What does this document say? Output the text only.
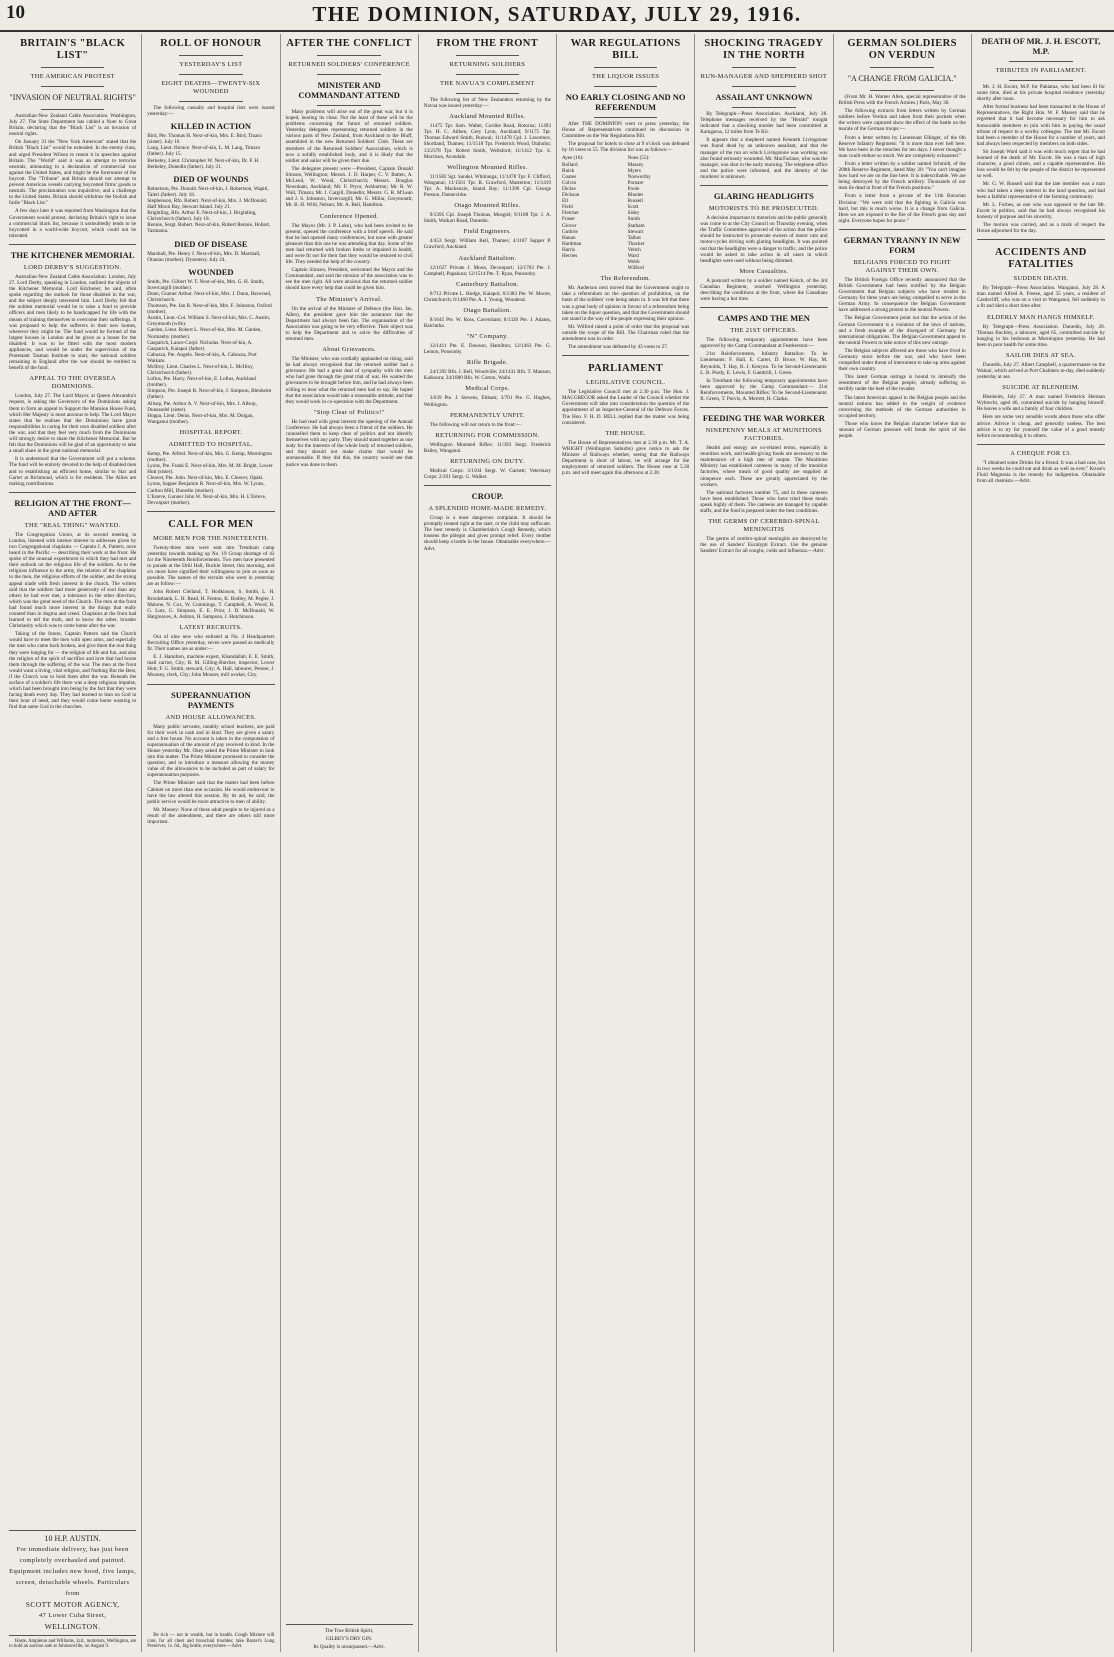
10	THE DOMINION, SATURDAY, JULY 29, 1916.
BRITAIN'S "BLACK LIST"
THE AMERICAN PROTEST
"INVASION OF NEUTRAL RIGHTS"
Australian-New Zealand Cable Association. Washington, July 27. The State Department has cabled a Note to Great Britain, declaring that the "Black List" is an invasion of neutral rights.
On January 31 the "New York American" stated that the British "Black List" would be extended. In the enemy class, and urged President Wilson to resent it in speeches against Britain. The "World" said it was an attempt to terrorise neutrals, amounting to a declaration of commercial war against the United States, and might be the forerunner of the boycott. The "Tribune" and Britain should not attempt to prevent American vessels carrying boycotted firms' goods to neutrals. The proclamation was inquisitive, and a challenge to the United States. Britain should withdraw the foolish and futile "Black List."
A few days later it was reported from Washington that the Government would protest, declaring Britain's right to issue a commercial black list, because it undoubtedly tends to be boycotted in a world-wide boycott, which could not be tolerated.
THE KITCHENER MEMORIAL
LORD DERBY'S SUGGESTION.
Australian-New Zealand Cable Association. London, July 27. Lord Derby, speaking in London, outlined the objects of the Kitchener Memorial. Lord Kitchener, he said, often spoke regarding the outlook for those disabled in the war, and the subject deeply interested him. Lord Derby felt that the noblest memorial would be to raise a fund to provide officers and men likely to be handicapped for life with the means of training themselves to overcome their sufferings. It was proposed to help the sufferers in their new homes, wherever they might be. The fund would be formed of the largest houses in London and be given as a house for the disabled. It was to be fitted with the most modern appliances, and would be under the supervision of the Protestant Tasman Institute to start, the national soldiers remaining in England after the war should be entitled to benefit of the fund.
APPEAL TO THE OVERSEA DOMINIONS.
London, July 27. The Lord Mayor, at Queen Alexandra's request, is asking the Governors of the Dominions asking them to form an appeal to Support the Mansion House Fund, which Her Majesty is most anxious to help. The Lord Mayor states that he realises that the Dominions have great responsibilities in caring for their own disabled soldiers after the war, and that they feel very much from the Dominions will strongly desire to share the Kitchener Memorial. But he felt that the Dominions will be glad of an opportunity to take a small share in the great national memorial.
It is understood that the Government will put a scheme. The fund will be entirely devoted to the help of disabled men and to establishing an efficient home, similar to Star and Garter at Richmond, which is for residents. The Allies are making contributions.
RELIGION AT THE FRONT—AND AFTER
THE "REAL THING" WANTED.
The Congregation Union, at its second meeting in London, listened with intense interest to addresses given by two Congregational chaplains — Captain J. A. Pattern, once heard in the Pacific — describing their work at the front. He spoke of the unusual experiences in which they had met and their outlook on the religious life of the soldiers. As to the religious influence in the army, the relation of the chaplains to the men, the religious efforts of the soldier, and the strong appeal made with fresh interest in the church. The writers said that the soldiers had more generosity of soul than any others he had ever met, a tolerance in the other direction, which was the great need of the Church. The men at the front had found much more interest in the things that really counted than in dogma and creed. Chaplains at the front had learned to tell the truth, and to know the sober, broader Christianity which was to come home after the war.
Taking of the future, Captain Pattern said the Church would have to meet the men with open arms, and especially the men who came back broken, and give them the real thing they were longing for — the religion of life and fun, and also the religion of the spirit of sacrifice and love that had borne them through the suffering of the war. The men at the front would want a living, vital religion, and Nothing But the Best, if the Church was to hold them after the war. Beneath the surface of a soldier's life there was a deep religious impulse, which had been brought into being by the fact that they were facing death every day. They had learned to lean on God in their hour of need, and they would come home wanting to find that same God in the churches.
10 H.P. AUSTIN.
For immediate delivery, has just been completely overhauled and painted.
Equipment includes new hood, five lamps, screen, detachable wheels. Particulars from
SCOTT MOTOR AGENCY,
47 Lower Cuba Street,
WELLINGTON.
Haste, Ampleton and Williams, Ltd., motorists, Wellington, are to hold an auction sale at Johnsonville, on August 9.
ROLL OF HONOUR
YESTERDAY'S LIST
EIGHT DEATHS—TWENTY-SIX WOUNDED
The following casualty and hospital lists were issued yesterday:—
KILLED IN ACTION
Bird, Pte. Thomas H. Next-of-kin, Mrs. E. Bird, Tinaru (sister). July 16.
Lang, Lieut. Horace. Next-of-kin, L. M. Lang, Timaru (father). July 15.
Berkeley, Lieut. Christopher W. Next-of-kin, Dr. F. H. Berkeley, Dunedin (father). July 21.
DIED OF WOUNDS
Robertson, Pte. Donald. Next-of-kin, J. Robertson, Wapiti, Taieri (father). July 18.
Stephenson, Rfn. Robert. Next-of-kin, Mrs. J. McDonald, Half Moon Bay, Stewart Island. July 21.
Brightling, Rfn. Arthur E. Next-of-kin, J. Brightling, Christchurch (father). July 18.
Rennie, Sergt. Robert. Next-of-kin, Robert Rennie, Hobart, Tasmania.
DIED OF DISEASE
Marshall, Pte. Henry J. Next-of-kin, Mrs. D. Marshall, Otautau (mother). Dysentery. July 24.
WOUNDED
Smith, Pte. Gilbert W. T. Next-of-kin, Mrs. G. H. Smith, Invercargill (mother).
Dunn, Gunner Arthur. Next-of-kin, Mrs. J. Dunn, Barwood, Christchurch.
Thomson, Pte. Ian R. Next-of-kin, Mrs. F. Johnston, Oxford (mother).
Austin, Lieut.-Col. William S. Next-of-kin, Mrs. C. Austin, Greymouth (wife).
Garden, Lieut. Robert L. Next-of-kin, Mrs. M. Garden, Normanby (mother).
Gasparich, Lance-Corpl. Nicholas. Next-of-kin, A. Gasparich, Kaiapoi (father).
Cabuzza, Pte. Angelo. Next-of-kin, A. Cabuzza, Port Waikato.
McIlroy, Lieut. Charles L. Next-of-kin, L. McIlroy, Christchurch (father).
Loftus, Pte. Harry. Next-of-kin, E. Loftus, Auckland (brother).
Simpson, Pte. Joseph R. Next-of-kin, J. Simpson, Blenheim (father).
Allsop, Pte. Arthur A. V. Next-of-kin, Mrs. J. Allsop, Dunsandel (sister).
Hoppa, Lieut. Denis. Next-of-kin, Mrs. M. Duigan, Wanganui (mother).
HOSPITAL REPORT.
ADMITTED TO HOSPITAL.
Kemp, Pte. Alfred. Next-of-kin, Mrs. G. Kemp, Mornington (mother).
Lyons, Pte. Frank E. Next-of-kin, Mrs. M. M. Bright, Lower Hutt (sister).
Cleaver, Pte. John. Next-of-kin, Mrs. E. Cleaver, Opaki.
Lyons, Sapper Benjamin R. Next-of-kin, Mrs. W. Lyons, Carlton Mill, Dunedin (mother).
L'Esteve, Gunner John W. Next-of-kin, Mrs. H. L'Esteve, Devonport (mother).
CALL FOR MEN
MORE MEN FOR THE NINETEENTH.
Twenty-three men were sent into Trentham camp yesterday towards making up No. 19 Group shortage of 42 for the Nineteenth Reinforcements. Two men have presented to parade at the Drill Hall, Buckle Street, this morning, and six more have signified their willingness to join as soon as possible. The names of the recruits who went in yesterday are as follow:—
John Robert Clelland, T. Hodkinson, S. Smith, L. H. Brooksbank, L. H. Read, H. Fenton, K. Bodley, M. Pegler, J. Malone, N. Cox, W. Cummings, T. Campbell, A. Wood, R. G. Lutz, G. Simpson, E. E. Prior, J. D. McDonald, W. Hargreaves, A. Ashton, H. Sampson, J. Hutchinson.
LATEST RECRUITS.
Out of nine new who enlisted at No. 4 Headquarters Recruiting Office yesterday, seven were passed as medically fit. Their names are as under:—
E. J. Hamilton, machine expert, Khandallah; E. E. Smith, mail carrier, City; R. M. Gilling-Butcher, inspector, Lower Hutt; F. G. Smith, steward, City; A. Hall, labourer, Petone; J. Mooney, clerk, City; John Mouser, mill worker, City.
SUPERANNUATION PAYMENTS
AND HOUSE ALLOWANCES.
Many public servants, notably school teachers, are paid for their work in cash and in kind. They are given a salary and a free house. No account is taken in the computation of superannuation of the amount of pay received in kind. In the House yesterday Mr. Okey asked the Prime Minister to look into this matter. The Prime Minister promised to consider the question, and to introduce a measure allowing the money value of the allowances to be included as part of salary for superannuation purposes.
The Prime Minister said that the matter had been before Cabinet on more than one occasion. He would endeavour to have the law altered this session. By its aid, he said, the public service would be more attractive to men of ability.
Mr. Massey: None of these adult people to be injured as a result of the amendment, and there are others still more important.
Be rich — not in wealth, but in health. Cough Mixture will cure, for all chest and bronchial troubles; take Baxter's Lung Preserver, 1s. 6d., big bottle, everywhere.—Advt.
AFTER THE CONFLICT
RETURNED SOLDIERS' CONFERENCE
MINISTER AND COMMANDANT ATTEND
Many problems will arise out of the great war, but it is hoped, hearing its close. Not the least of these will be the problems concerning the future of returned soldiers. Yesterday delegates representing returned soldiers in the various parts of New Zealand, from Auckland to the Bluff, assembled in the new Returned Soldiers' Club. These are members of the Returned Soldiers' Association, which is now a solidly established body, and it is likely that the soldier and sailor will be given their due.
The delegates present were:—President, Captain Donald Simson, Wellington; Messrs. J. D. Harper, C. V. Batten, A. McLeod, W. Wood, Christchurch; Messrs. Douglas Newnham, Auckland; Mr. F. Pryor, Ashburton; Mr. R. W. Wall, Timaru; Mr. J. Cargill, Dunedin; Messrs. G. R. M'Lean and J. S. Johnston, Invercargill; Mr. G. Millar, Greymouth; Mr. B. H. Wild, Nelson; Mr. A. Bell, Hamilton.
Conference Opened.
The Mayor (Mr. J. P. Luke), who had been invited to be present, opened the conference with a brief speech. He said that he had opened many conferences, but none with greater pleasure than this one he was attending that day. Some of the men had returned with broken limbs or impaired in health, and were fit not for their fast they would be restored to civil life. They needed the help of the country.
Captain Simson, President, welcomed the Mayor and the Commandant, and said the mission of the association was to see the men right. All were anxious that the returned soldier should have every help that could be given him.
The Minister's Arrival.
On the arrival of the Minister of Defence (the Hon. Jas. Allen), the president gave him the assurance that the Department had always been fair. The organisation of the Association was going to be very effective. Their object was to help the Department and to solve the difficulties of returned men.
About Grievances.
The Minister, who was cordially applauded on rising, said he had always recognised that the returned soldier had a grievance. He had a great deal of sympathy with the men who had gone through the great trial of war. He wanted the grievances to be brought before him, and he had always been willing to hear what the returned men had to say. He hoped that the association would take a reasonable attitude, and that they would work in co-operation with the Department.
"Stop Clear of Politics!"
He had read with great interest the opening of the Annual Conference. He had always been a friend of the soldiers. He counselled them to keep clear of politics and not identify themselves with any party. They should stand together as one body for the interests of the whole body of returned soldiers, and they should not make claims that would be unreasonable. If they did this, the country would see that justice was done to them.
The True British Spirit,
GILBEY'S DRY GIN.
Its Quality is unsurpassed.—Advt.
FROM THE FRONT
RETURNING SOLDIERS
THE NAVUA'S COMPLEMENT
The following list of New Zealanders returning by the Navua was issued yesterday:—
Auckland Mounted Rifles.
11475 Tpr. Sam. Walter, Cordite Road, Rotorua; 11493 Tpr. H. C. Aitken, Grey Lynn, Auckland; 9/1175 Tpr. Thomas Edward Smith, Ruawai; 11/1478 Cpl. J. Lawrence, Shortland, Thames; 11/1518 Tpr. Frederick Wood, Otahuhu; 13/2378 Tpr. Robert Smith, Wellsford; 11/1412 Tpr. S. Morrison, Avondale.
Wellington Mounted Rifles.
11/1582 Sgt. Sandel, Whitianga; 11/1478 Tpr. F. Clifford, Wanganui; 11/1561 Tpr. R. Crawford, Masterton; 11/1419 Tpr. A. Mackenzie, Island Bay; 11/1396 Cpl. George Preston, Dannevirke.
Otago Mounted Rifles.
9/1395 Cpl. Joseph Thomas, Mosgiel; 9/1188 Tpr. J. A. Smith, Waikari Road, Dunedin.
Field Engineers.
4/453 Sergt. William Bell, Thames; 4/1187 Sapper P. Crawford, Auckland.
Auckland Battalion.
12/1627 Private J. Moon, Devonport; 12/1703 Pte. J. Campbell, Papakura; 12/1514 Pte. T. Ryan, Ponsonby.
Canterbury Battalion.
6/712 Private L. Hodge, Kaiapoi; 6/1383 Pte. W. Moore, Christchurch; 6/1460 Pte. A. J. Young, Woodend.
Otago Battalion.
8/1645 Pte. W. Ross, Caversham; 8/1320 Pte. J. Adams, Balclutha.
"N" Company.
12/1411 Pte. E. Dawson, Hamilton; 12/1463 Pte. G. Lemon, Ponsonby.
Rifle Brigade.
24/1392 Rfn. J. Bell, Woodville; 24/1431 Rfn. T. Manson, Kaikoura; 24/1880 Rfn. W. Cotton, Waihi.
Medical Corps.
3/639 Pte. J. Stevens, Eltham; 3/701 Pte. G. Hughes, Wellington.
PERMANENTLY UNFIT.
The following will not return to the front:—
RETURNING FOR COMMISSION.
Wellington Mounted Rifles: 11/393 Sergt. Frederick Bailey, Wanganui.
RETURNING ON DUTY.
Medical Corps: 3/1104 Sergt. W. Garnett; Veterinary Corps: 2/391 Sergt. G. Walker.
CROUP.
A SPLENDID HOME-MADE REMEDY.
Croup is a most dangerous complaint. It should be promptly treated right at the start, or the child may suffocate. The best remedy is Chamberlain's Cough Remedy, which loosens the phlegm and gives prompt relief. Every mother should keep a bottle in the house. Obtainable everywhere.—Advt.
WAR REGULATIONS BILL
THE LIQUOR ISSUES
NO EARLY CLOSING AND NO REFERENDUM
After THE DOMINION went to press yesterday, the House of Representatives continued its discussion in Committee on the War Regulations Bill.
The proposal for hotels to close at 9 o'clock was defeated by 16 votes to 55. The division list was as follows:—
Ayes (16):
Bollard
Buick
Coates
Colvin
Dickie
Dickson
Ell
Field
Fletcher
Fraser
Glover
Guthrie
Hanan
Hardman
Harris
Herries
Noes (55):
Massey
Myers
Nosworthy
Pomare
Poole
Rhodes
Russell
Scott
Sidey
Smith
Statham
Stewart
Talbot
Thacker
Veitch
Ward
Webb
Wilford
The Referendum.
Mr. Anderson next moved that the Government ought to take a referendum on the question of prohibition, on the basis of the soldiers' vote being taken in. It was felt that there was a great body of opinion in favour of a referendum being taken on the liquor question, and that the Government should not stand in the way of the people expressing their opinion.
Mr. Wilford raised a point of order that the proposal was outside the scope of the Bill. The Chairman ruled that the amendment was in order.
The amendment was defeated by 43 votes to 27.
PARLIAMENT
LEGISLATIVE COUNCIL.
The Legislative Council met at 2.30 p.m. The Hon. J. MACGREGOR asked the Leader of the Council whether the Government will take into consideration the question of the appointment of an Inspector-General of the Defence Forces. The Hon. F. H. D. BELL replied that the matter was being considered.
THE HOUSE.
The House of Representatives met at 2.30 p.m. Mr. T. A. WRIGHT (Wellington Suburbs) gave notice to ask the Minister of Railways whether, seeing that the Railways Department is short of labour, he will arrange for the employment of returned soldiers. The House rose at 5.30 p.m. and will meet again this afternoon at 2.30.
SHOCKING TRAGEDY IN THE NORTH
RUN-MANAGER AND SHEPHERD SHOT
ASSAILANT UNKNOWN
By Telegraph—Press Association. Auckland, July 28. Telephone messages received by the "Herald" tonight indicated that a shocking murder had been committed at Kaingaroa, 12 miles from Te Kii.
It appears that a shepherd named Kenneth Livingstone was found dead by an unknown assailant, and that the manager of the run on which Livingstone was working was also found seriously wounded. Mr. MacFarlane, who was the manager, was shot in the early morning. The telephone office and the police were informed, and the identity of the murderer is unknown.
GLARING HEADLIGHTS
MOTORISTS TO BE PROSECUTED.
A decision important to motorists and the public generally was come to at the City Council on Thursday evening, when the Traffic Committee approved of the action that the police should be instructed to prosecute owners of motor cars and motor-cycles driving with glaring headlights. It was pointed out that the headlights were a danger to traffic, and the police would be asked to take action in all cases in which headlights were used without being dimmed.
More Casualties.
A postcard written by a soldier named Keitch, of the 3rd Canadian Regiment, reached Wellington yesterday, describing the conditions at the front, where the Canadians were having a hot time.
CAMPS AND THE MEN
THE 21ST OFFICERS.
The following temporary appointments have been approved by the Camp Commandant at Featherston:—
21st Reinforcements, Infantry Battalion: To be Lieutenants: F. Hall, E. Carter, D. Bruce, W. Hay, M. Reynolds, T. Hay, R. J. Kenyon. To be Second-Lieutenants: L. B. Purdy, E. Lewis, F. Gambrill, J. Green.
In Trentham the following temporary appointments have been approved by the Camp Commandant:— 21st Reinforcements, Mounted Rifles: To be Second-Lieutenants: R. Green, T. Purvis, A. Merrett, H. Clarke.
FEEDING THE WAR WORKER
NINEPENNY MEALS AT MUNITIONS FACTORIES.
Health and energy are co-related terms, especially in munition work, and health-giving foods are necessary to the maintenance of a high rate of output. The Munitions Ministry has established canteens in many of the munition factories, where meals of good quality are supplied at ninepence each. These are greatly appreciated by the workers.
The national factories number 75, and in these canteens have been established. Those who have tried these meals speak highly of them. The canteens are managed by capable staffs, and the food is prepared under the best conditions.
THE GERMS OF CEREBRO-SPINAL MENINGITIS
The germs of cerebro-spinal meningitis are destroyed by the use of Sanders' Eucalypti Extract. Use the genuine Sanders' Extract for all coughs, colds and influenza.—Advt.
GERMAN SOLDIERS ON VERDUN
"A CHANGE FROM GALICIA."
(From Mr. H. Warner Allen, special representative of the British Press with the French Armies.) Paris, May 30.
The following extracts from letters written by German soldiers before Verdun and taken from their pockets when the writers were captured show the effect of the battle on the morale of the German troops:—
From a letter written by Lieutenant Ellinger, of the 6th Reserve Infantry Regiment: "It is more than ever hell here. We have been in the trenches for ten days. I never thought a man could endure so much. We are completely exhausted."
From a letter written by a soldier named Schmidt, of the 208th Reserve Regiment, dated May 20: "You can't imagine how hard we are on the line here. It is indescribable. We are being destroyed by the French artillery. Thousands of our men lie dead in front of the French positions."
From a letter from a private of the 11th Bavarian Division: "We were told that the fighting in Galicia was hard, but this is much worse. It is a change from Galicia. Here we are exposed to the fire of the French guns day and night. Everyone hopes for peace."
GERMAN TYRANNY IN NEW FORM
BELGIANS FORCED TO FIGHT AGAINST THEIR OWN.
The British Foreign Office recently announced that the British Government had been notified by the Belgian Government that Belgian subjects who have resided in Germany for three years are being compelled to serve in the German Army. In consequence the Belgian Government have addressed a strong protest to the neutral Powers.
The Belgian Government point out that the action of the German Government is a violation of the laws of nations, and a fresh example of the disregard of Germany for international obligations. The Belgian Government appeal to the neutral Powers to take notice of this new outrage.
The Belgian subjects affected are those who have lived in Germany since before the war, and who have been compelled under threat of internment to take up arms against their own country.
This latest German outrage is bound to intensify the resentment of the Belgian people, already suffering so terribly under the heel of the invader.
The latest American appeal to the Belgian people and the neutral nations has added to the weight of evidence concerning the methods of the German authorities in occupied territory.
Those who know the Belgian character believe that no amount of German pressure will break the spirit of the people.
DEATH OF MR. J. H. ESCOTT, M.P.
TRIBUTES IN PARLIAMENT.
Mr. J. H. Escott, M.P. for Pahiatua, who had been ill for some time, died at his private hospital residence yesterday shortly after noon.
After formal business had been transacted in the House of Representatives, the Right Hon. W. F. Massey said that he regretted that it had become necessary for him to ask honourable members to join with him in paying the usual tribute of respect to a worthy colleague. The late Mr. Escott had been a member of the House for a number of years, and had always been respected by members on both sides.
Sir Joseph Ward said it was with much regret that he had learned of the death of Mr. Escott. He was a man of high character, a good citizen, and a capable representative. His loss would be felt by the people of the district he represented so well.
Mr. G. W. Russell said that the late member was a man who had taken a deep interest in the land question, and had been a faithful representative of the farming community.
Mr. L. Forbes, as one who was opposed to the late Mr. Escott in politics, said that he had always recognised his honesty of purpose and his sincerity.
The motion was carried, and as a mark of respect the House adjourned for the day.
ACCIDENTS AND FATALITIES
SUDDEN DEATH.
By Telegraph—Press Association. Wanganui, July 28. A man named Alfred A. Freese, aged 35 years, a resident of Castlecliff, who was on a visit to Wanganui, fell suddenly in a fit and died a short time after.
ELDERLY MAN HANGS HIMSELF.
By Telegraph—Press Association. Dunedin, July 28. Thomas Buckley, a labourer, aged 65, committed suicide by hanging in his bedroom at Mornington yesterday. He had been in poor health for some time.
SAILOR DIES AT SEA.
Dunedin, July 27. Albert Campbell, a quartermaster on the Wainui, which arrived at Port Chalmers to-day, died suddenly yesterday at sea.
SUICIDE AT BLENHEIM.
Blenheim, July 27. A man named Frederick Herman Wybrecht, aged 46, committed suicide by hanging himself. He leaves a wife and a family of four children.
Here are some very sensible words about those who offer advice. Advice is cheap, and generally useless. The best advice is to try for yourself the value of a good remedy before recommending it to others.
A CHEQUE FOR £3.
"I obtained some Drinks for a friend. It was a bad case, but in two weeks he could eat and drink as well as ever." Kruse's Fluid Magnesia is the remedy for indigestion. Obtainable from all chemists.—Advt.
